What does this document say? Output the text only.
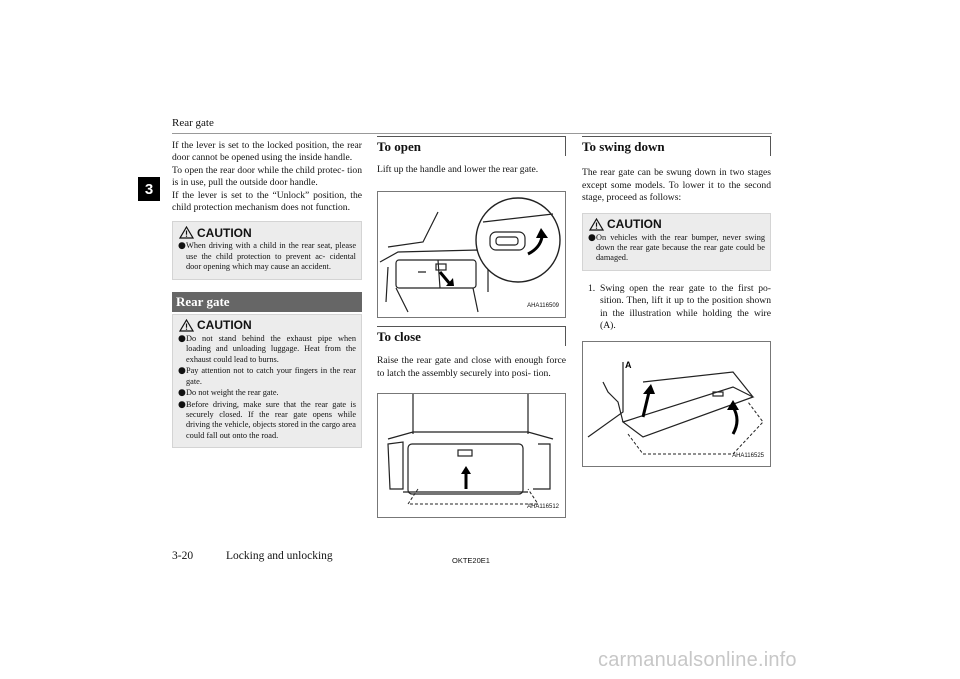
Rear gate
3

If the lever is set to the locked position, the rear door cannot be opened using the inside handle.

To open the rear door while the child protec- tion is in use, pull the outside door handle.

If the lever is set to the “Unlock” position, the child protection mechanism does not function.

CAUTION
● When driving with a child in the rear seat, please use the child protection to prevent ac- cidental door opening which may cause an accident.
Rear gate
CAUTION
● Do not stand behind the exhaust pipe when loading and unloading luggage. Heat from the exhaust could lead to burns.
● Pay attention not to catch your fingers in the rear gate.
● Do not weight the rear gate.
● Before driving, make sure that the rear gate is securely closed. If the rear gate opens while driving the vehicle, objects stored in the cargo area could fall out onto the road.
To open

Lift up the handle and lower the rear gate.

AHA116509
To close

Raise the rear gate and close with enough force to latch the assembly securely into posi- tion.

AHA116512
To swing down

The rear gate can be swung down in two stages except some models. To lower it to the second stage, proceed as follows:

CAUTION
● On vehicles with the rear bumper, never swing down the rear gate because the rear gate could be damaged.
1. Swing open the rear gate to the first po- sition. Then, lift it up to the position shown in the illustration while holding the wire (A).
A
AHA116525
3-20	Locking and unlocking	OKTE20E1
carmanualsonline.info
